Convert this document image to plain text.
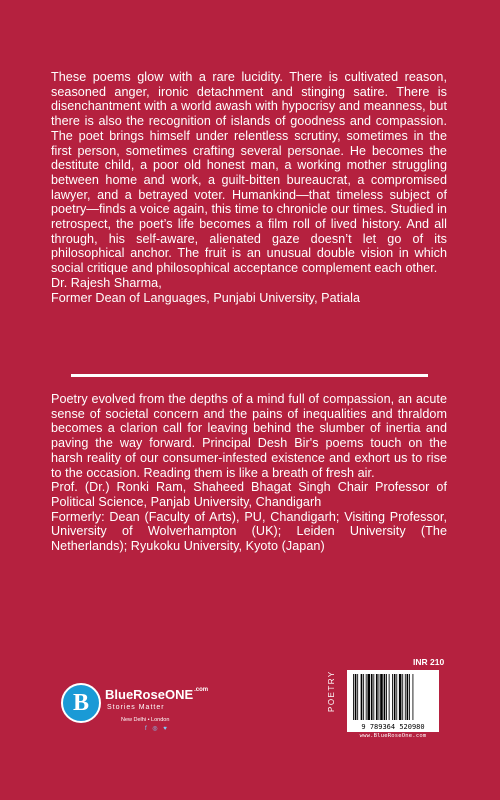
These poems glow with a rare lucidity. There is cultivated reason, seasoned anger, ironic detachment and stinging satire. There is disenchantment with a world awash with hypocrisy and meanness, but there is also the recognition of islands of goodness and compassion. The poet brings himself under relentless scrutiny, sometimes in the first person, sometimes crafting several personae. He becomes the destitute child, a poor old honest man, a working mother struggling between home and work, a guilt-bitten bureaucrat, a compromised lawyer, and a betrayed voter. Humankind—that timeless subject of poetry—finds a voice again, this time to chronicle our times. Studied in retrospect, the poet’s life becomes a film roll of lived history. And all through, his self-aware, alienated gaze doesn’t let go of its philosophical anchor. The fruit is an unusual double vision in which social critique and philosophical acceptance complement each other.

Dr. Rajesh Sharma,

Former Dean of Languages, Punjabi University, Patiala

Poetry evolved from the depths of a mind full of compassion, an acute sense of societal concern and the pains of inequalities and thraldom becomes a clarion call for leaving behind the slumber of inertia and paving the way forward. Principal Desh Bir's poems touch on the harsh reality of our consumer-infested existence and exhort us to rise to the occasion. Reading them is like a breath of fresh air.

Prof. (Dr.) Ronki Ram, Shaheed Bhagat Singh Chair Professor of Political Science, Panjab University, Chandigarh

Formerly: Dean (Faculty of Arts), PU, Chandigarh; Visiting Professor, University of Wolverhampton (UK); Leiden University (The Netherlands); Ryukoku University, Kyoto (Japan)

B	BlueRoseONE$^{.com}$
Stories Matter
New Delhi • London
f ◎ ♥
INR 210
POETRY
9 789364 520980
www.BlueRoseOne.com
